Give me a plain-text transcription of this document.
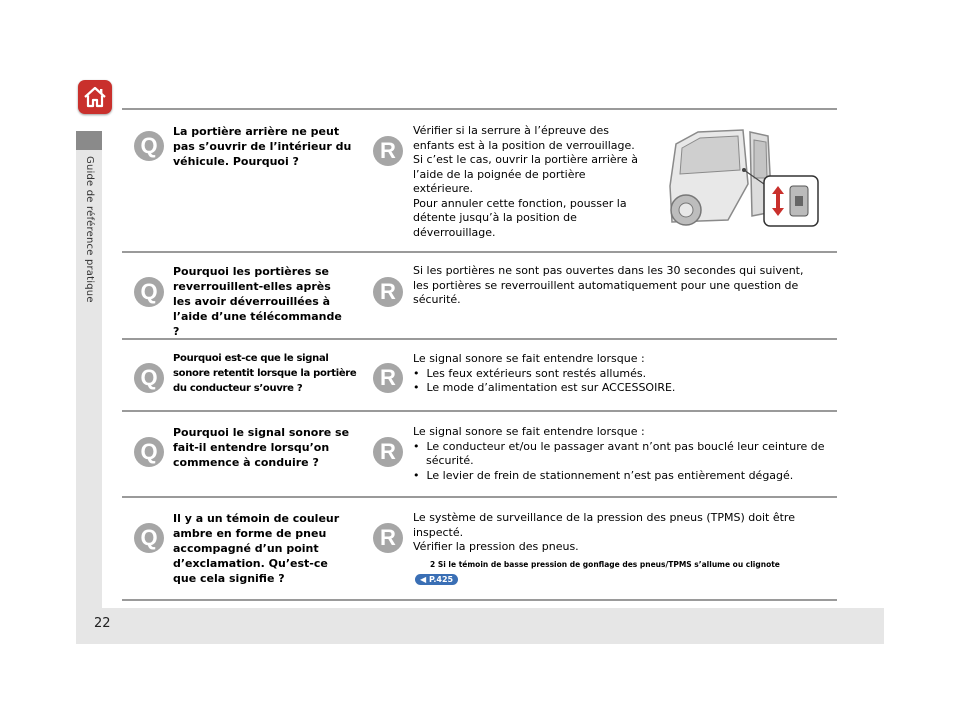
Guide de référence pratique
Q
La portière arrière ne peut pas s’ouvrir de l’intérieur du véhicule. Pourquoi ?	R

Vérifier si la serrure à l’épreuve des

enfants est à la position de verrouillage.

Si c’est le cas, ouvrir la portière arrière à

l’aide de la poignée de portière

extérieure.

Pour annuler cette fonction, pousser la

détente jusqu’à la position de

déverrouillage.

Q
Pourquoi les portières se reverrouillent-elles après les avoir déverrouillées à l’aide d’une télécommande ?
R

Si les portières ne sont pas ouvertes dans les 30 secondes qui suivent,

les portières se reverrouillent automatiquement pour une question de

sécurité.

Q
Pourquoi est-ce que le signal sonore retentit lorsque la portière du conducteur s’ouvre ?	R

Le signal sonore se fait entendre lorsque :

•  Les feux extérieurs sont restés allumés.

•  Le mode d’alimentation est sur ACCESSOIRE.

Q
Pourquoi le signal sonore se fait-il entendre lorsqu’on commence à conduire ?	R

Le signal sonore se fait entendre lorsque :

•  Le conducteur et/ou le passager avant n’ont pas bouclé leur ceinture de sécurité.

•  Le levier de frein de stationnement n’est pas entièrement dégagé.

Q
Il y a un témoin de couleur ambre en forme de pneu accompagné d’un point d’exclamation. Qu’est-ce que cela signifie ?
R

Le système de surveillance de la pression des pneus (TPMS) doit être

inspecté.

Vérifier la pression des pneus.

2 Si le témoin de basse pression de gonflage des pneus/TPMS s’allume ou clignote
◀ P.425
22
